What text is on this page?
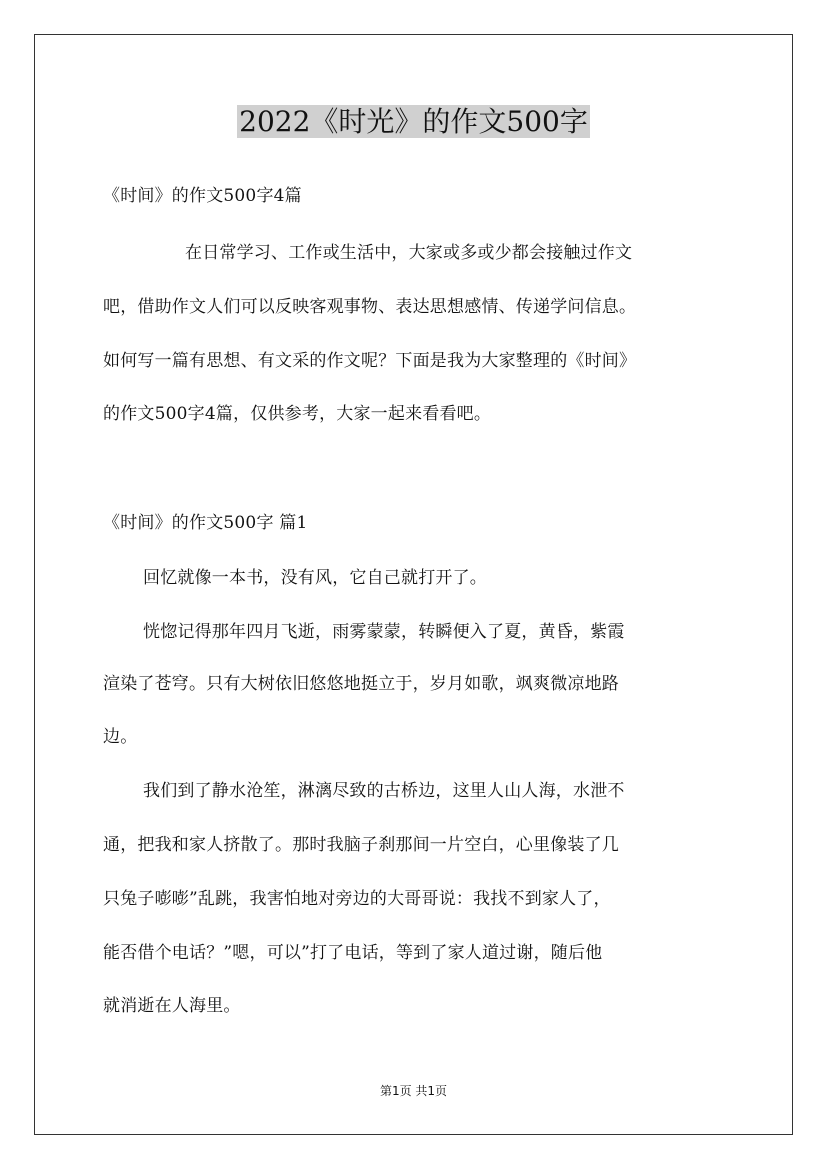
2022《时光》的作文500字
《时间》的作文500字4篇
在日常学习、工作或生活中，大家或多或少都会接触过作文
吧，借助作文人们可以反映客观事物、表达思想感情、传递学问信息。
如何写一篇有思想、有文采的作文呢？下面是我为大家整理的《时间》
的作文500字4篇，仅供参考，大家一起来看看吧。
《时间》的作文500字 篇1
回忆就像一本书，没有风，它自己就打开了。
恍惚记得那年四月飞逝，雨雾蒙蒙，转瞬便入了夏，黄昏，紫霞
渲染了苍穹。只有大树依旧悠悠地挺立于，岁月如歌，飒爽微凉地路
边。
我们到了静水沧笙，淋漓尽致的古桥边，这里人山人海，水泄不
通，把我和家人挤散了。那时我脑子刹那间一片空白，心里像装了几
只兔子嘭嘭”乱跳，我害怕地对旁边的大哥哥说：我找不到家人了，
能否借个电话？”嗯，可以”打了电话，等到了家人道过谢，随后他
就消逝在人海里。
第1页 共1页
